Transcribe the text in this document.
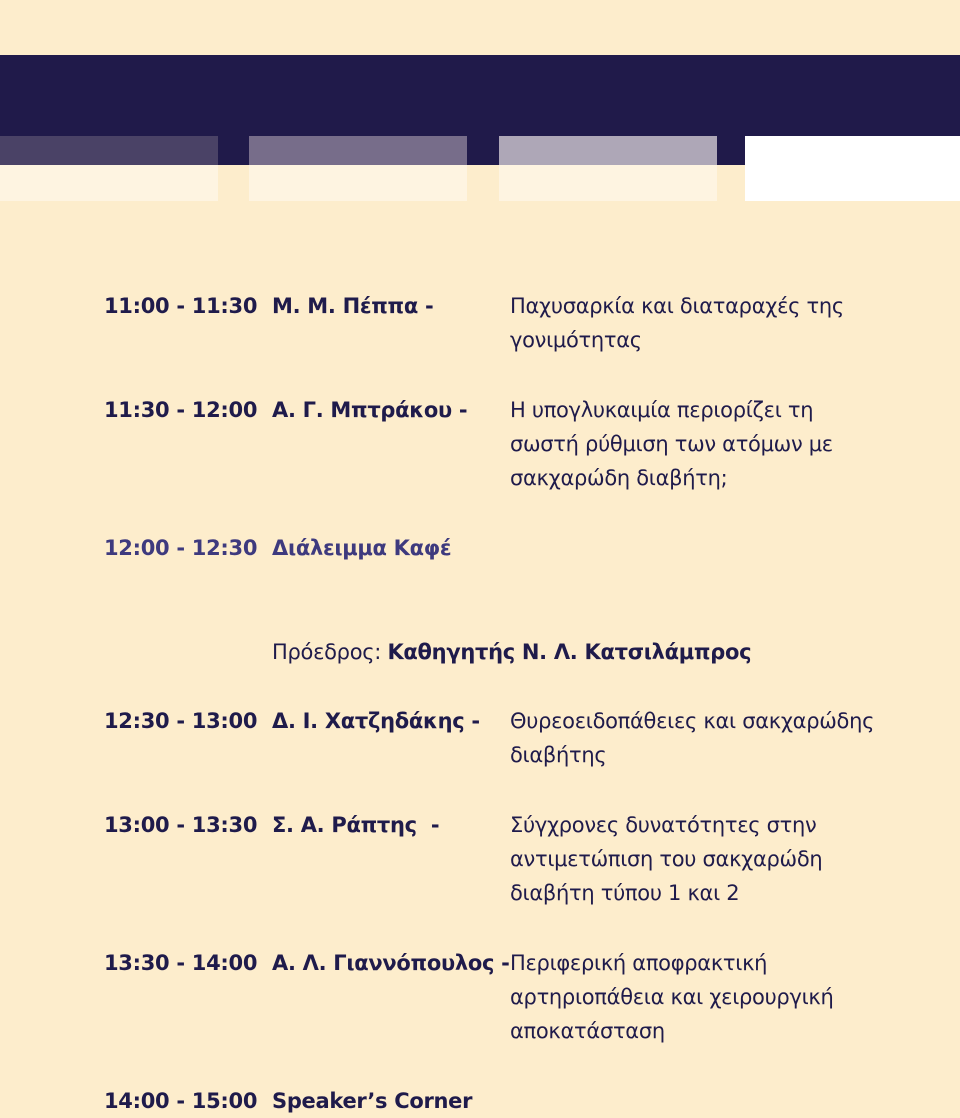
11:00 - 11:30 Μ. Μ. Πέππα -	Παχυσαρκία και διαταραχές της
γονιμότητας
11:30 - 12:00 Α. Γ. Μπτράκου - Η υπογλυκαιμία περιορίζει τη
σωστή ρύθμιση των ατόμων με
σακχαρώδη διαβήτη;
12:00 - 12:30 Διάλειμμα Καφέ
Πρόεδρος: Καθηγητής Ν. Λ. Κατσιλάμπρος
12:30 - 13:00 Δ. Ι. Χατζηδάκης - Θυρεοειδοπάθειες και σακχαρώδης
διαβήτης
13:00 - 13:30 Σ. Α. Ράπτης  -	Σύγχρονες δυνατότητες στην
αντιμετώπιση του σακχαρώδη
διαβήτη τύπου 1 και 2
13:30 - 14:00 Α. Λ. Γιαννόπουλος - Περιφερική αποφρακτική
αρτηριοπάθεια και χειρουργική
αποκατάσταση
14:00 - 15:00 Speaker’s Corner
